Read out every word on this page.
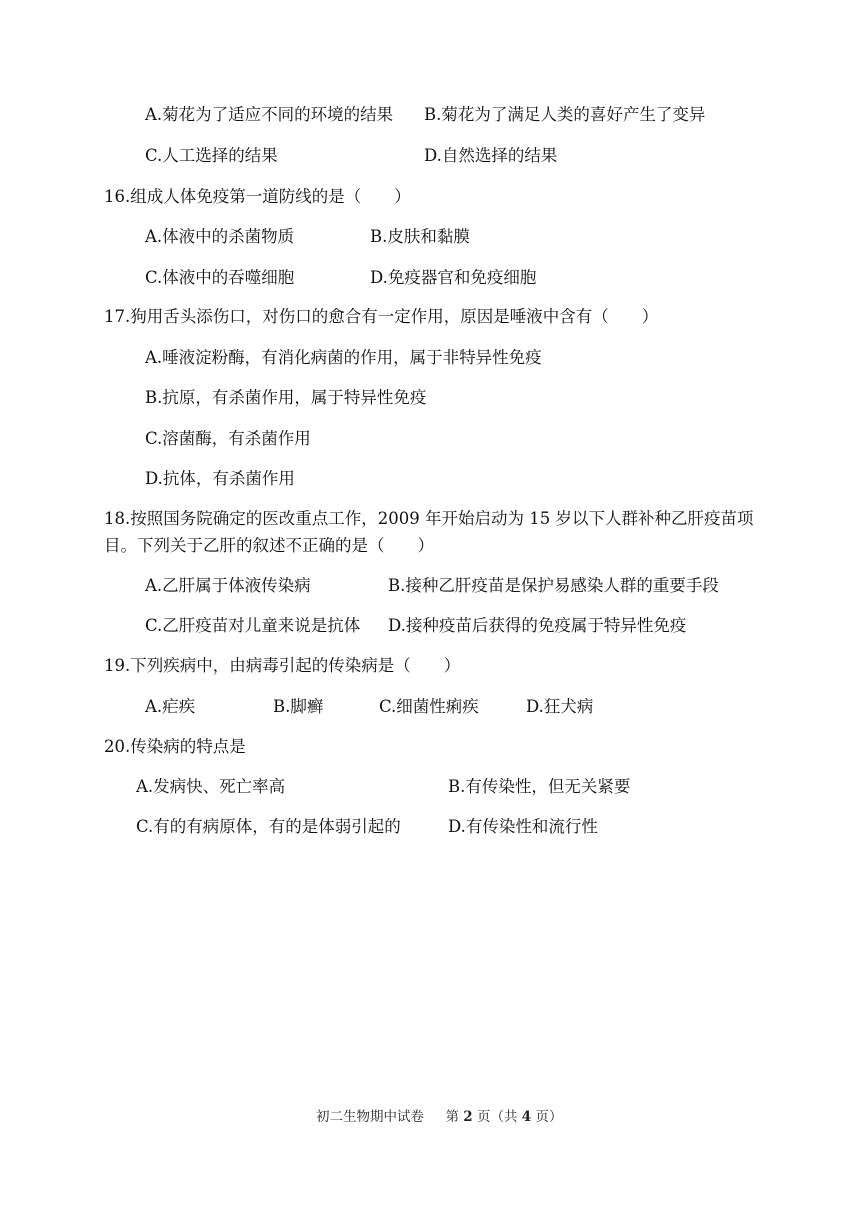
A.菊花为了适应不同的环境的结果 B.菊花为了满足人类的喜好产生了变异
C.人工选择的结果	D.自然选择的结果
16.组成人体免疫第一道防线的是（　　）
A.体液中的杀菌物质	B.皮肤和黏膜
C.体液中的吞噬细胞	D.免疫器官和免疫细胞
17.狗用舌头添伤口，对伤口的愈合有一定作用，原因是唾液中含有（　　）
A.唾液淀粉酶，有消化病菌的作用，属于非特异性免疫
B.抗原，有杀菌作用，属于特异性免疫
C.溶菌酶，有杀菌作用
D.抗体，有杀菌作用
18.按照国务院确定的医改重点工作，2009 年开始启动为 15 岁以下人群补种乙肝疫苗项
目。下列关于乙肝的叙述不正确的是（　　）
A.乙肝属于体液传染病	B.接种乙肝疫苗是保护易感染人群的重要手段
C.乙肝疫苗对儿童来说是抗体 D.接种疫苗后获得的免疫属于特异性免疫
19.下列疾病中，由病毒引起的传染病是（　　）
A.疟疾	B.脚癣	C.细菌性痢疾	D.狂犬病
20.传染病的特点是
A.发病快、死亡率高	B.有传染性，但无关紧要
C.有的有病原体，有的是体弱引起的	D.有传染性和流行性
初二生物期中试卷 第 2 页（共 4 页）
